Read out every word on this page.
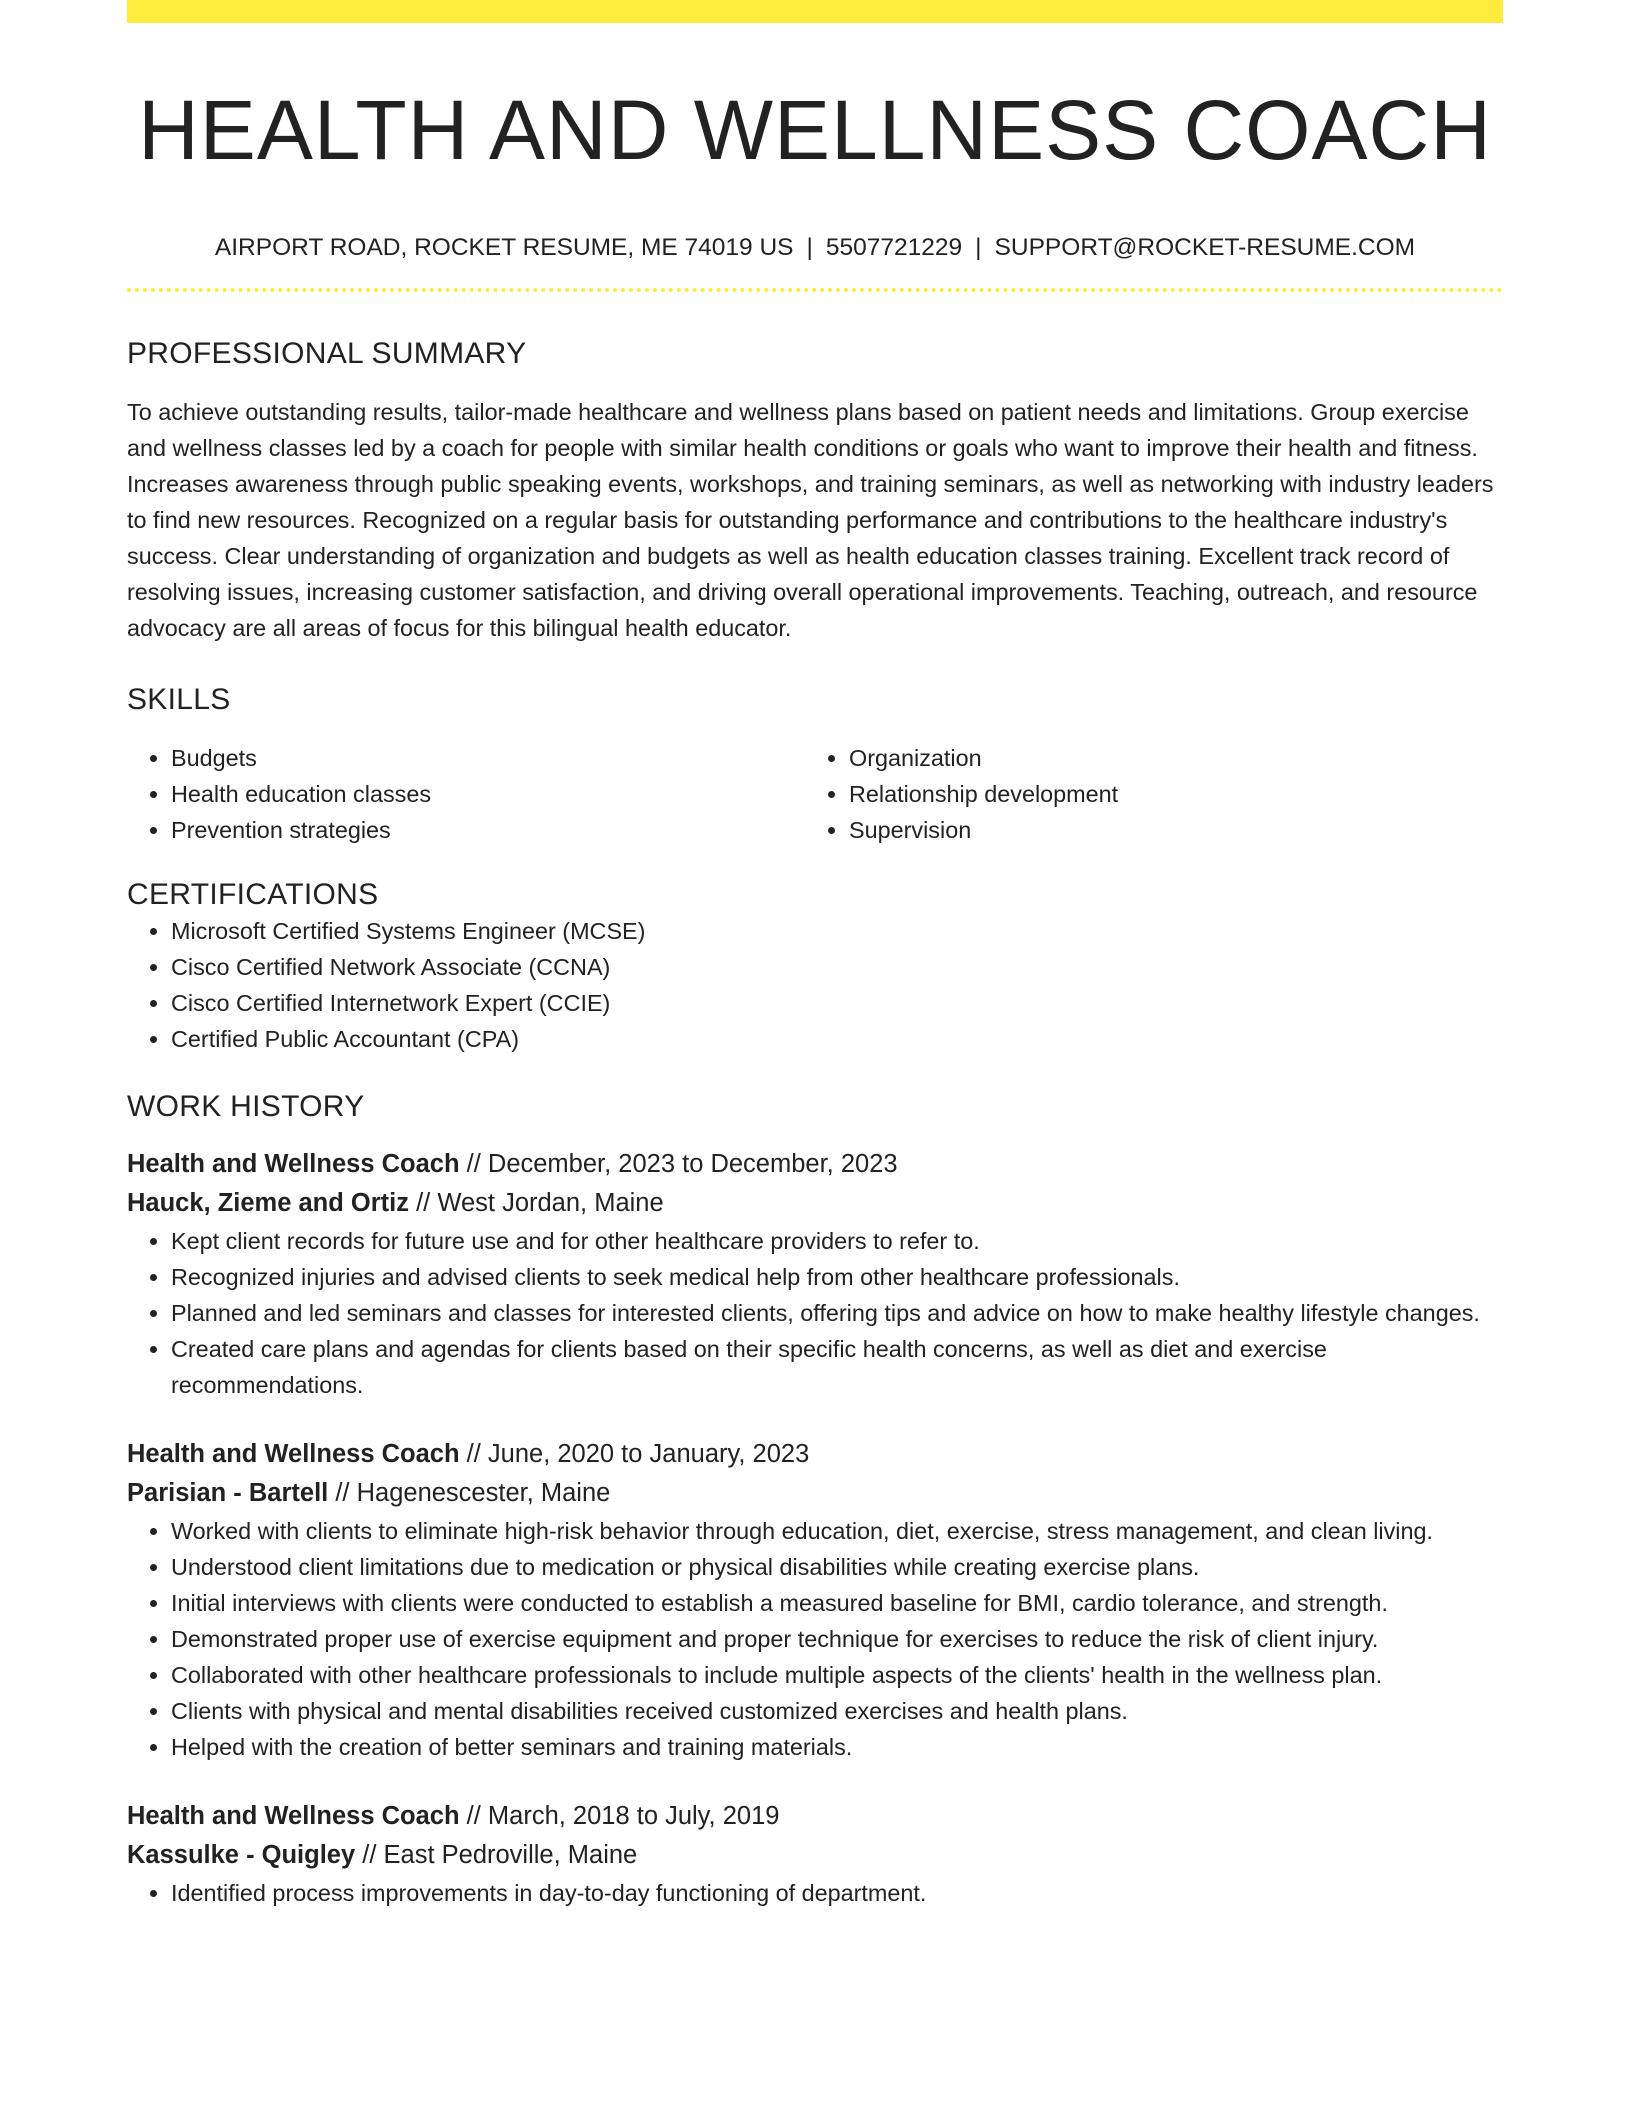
HEALTH AND WELLNESS COACH
AIRPORT ROAD, ROCKET RESUME, ME 74019 US | 5507721229 | SUPPORT@ROCKET-RESUME.COM
PROFESSIONAL SUMMARY

To achieve outstanding results, tailor-made healthcare and wellness plans based on patient needs and limitations. Group exercise and wellness classes led by a coach for people with similar health conditions or goals who want to improve their health and fitness. Increases awareness through public speaking events, workshops, and training seminars, as well as networking with industry leaders to find new resources. Recognized on a regular basis for outstanding performance and contributions to the healthcare industry's success. Clear understanding of organization and budgets as well as health education classes training. Excellent track record of resolving issues, increasing customer satisfaction, and driving overall operational improvements. Teaching, outreach, and resource advocacy are all areas of focus for this bilingual health educator.

SKILLS
• Budgets
• Health education classes
• Prevention strategies
• Organization
• Relationship development
• Supervision
CERTIFICATIONS
• Microsoft Certified Systems Engineer (MCSE)
• Cisco Certified Network Associate (CCNA)
• Cisco Certified Internetwork Expert (CCIE)
• Certified Public Accountant (CPA)
WORK HISTORY
Health and Wellness Coach // December, 2023 to December, 2023
Hauck, Zieme and Ortiz // West Jordan, Maine
• Kept client records for future use and for other healthcare providers to refer to.
• Recognized injuries and advised clients to seek medical help from other healthcare professionals.
• Planned and led seminars and classes for interested clients, offering tips and advice on how to make healthy lifestyle changes.
• Created care plans and agendas for clients based on their specific health concerns, as well as diet and exercise recommendations.
Health and Wellness Coach // June, 2020 to January, 2023
Parisian - Bartell // Hagenescester, Maine
• Worked with clients to eliminate high-risk behavior through education, diet, exercise, stress management, and clean living.
• Understood client limitations due to medication or physical disabilities while creating exercise plans.
• Initial interviews with clients were conducted to establish a measured baseline for BMI, cardio tolerance, and strength.
• Demonstrated proper use of exercise equipment and proper technique for exercises to reduce the risk of client injury.
• Collaborated with other healthcare professionals to include multiple aspects of the clients' health in the wellness plan.
• Clients with physical and mental disabilities received customized exercises and health plans.
• Helped with the creation of better seminars and training materials.
Health and Wellness Coach // March, 2018 to July, 2019
Kassulke - Quigley // East Pedroville, Maine
• Identified process improvements in day-to-day functioning of department.
